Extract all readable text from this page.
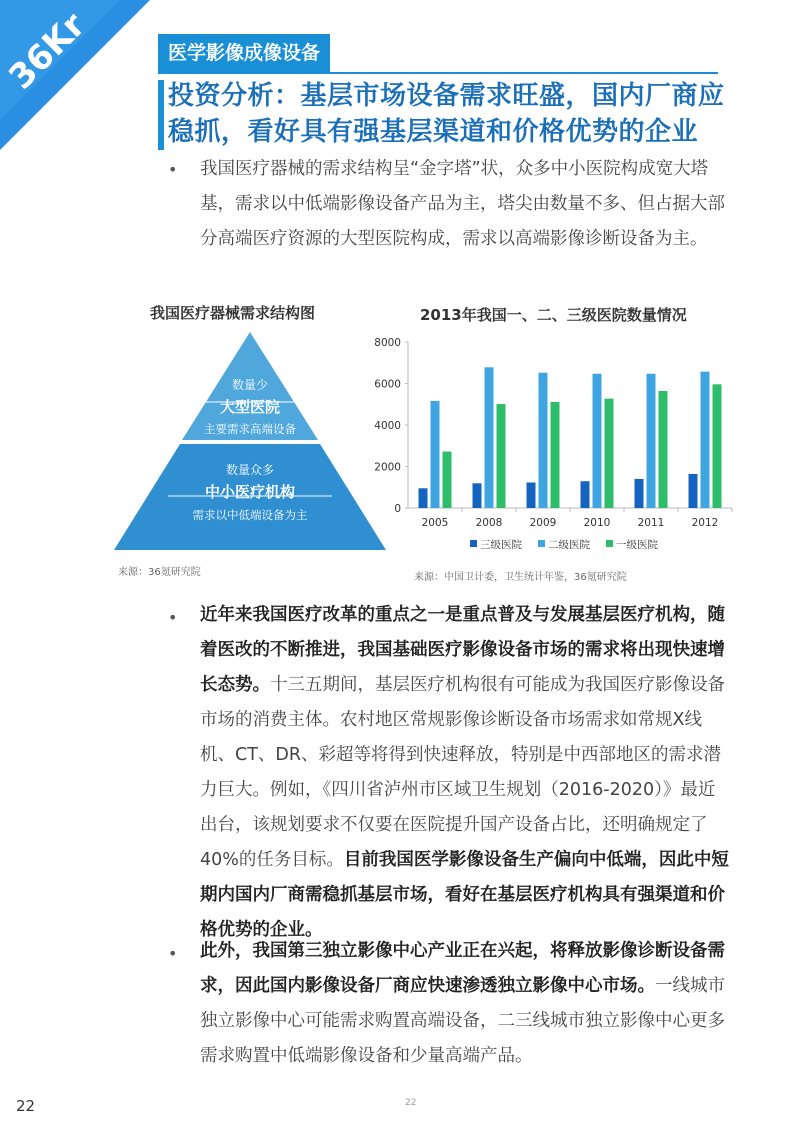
36Kr	医学影像成像设备
投资分析：基层市场设备需求旺盛，国内厂商应
稳抓，看好具有强基层渠道和价格优势的企业
• 我国医疗器械的需求结构呈“金字塔”状，众多中小医院构成宽大塔基，需求以中低端影像设备产品为主，塔尖由数量不多、但占据大部分高端医疗资源的大型医院构成，需求以高端影像诊断设备为主。
我国医疗器械需求结构图
数量少
大型医院
主要需求高端设备
数量众多
中小医疗机构
需求以中低端设备为主
来源：36氪研究院
2013年我国一、二、三级医院数量情况
0
2000
4000
6000
8000
2005	2008	2009	2010	2011	2012
三级医院 二级医院 一级医院
来源：中国卫计委，卫生统计年鉴，36氪研究院
• 近年来我国医疗改革的重点之一是重点普及与发展基层医疗机构，随着医改的不断推进，我国基础医疗影像设备市场的需求将出现快速增长态势。十三五期间，基层医疗机构很有可能成为我国医疗影像设备市场的消费主体。农村地区常规影像诊断设备市场需求如常规X线机、CT、DR、彩超等将得到快速释放，特别是中西部地区的需求潜力巨大。例如，《四川省泸州市区域卫生规划（2016-2020）》最近出台，该规划要求不仅要在医院提升国产设备占比，还明确规定了40%的任务目标。目前我国医学影像设备生产偏向中低端，因此中短期内国内厂商需稳抓基层市场，看好在基层医疗机构具有强渠道和价格优势的企业。
• 此外，我国第三独立影像中心产业正在兴起，将释放影像诊断设备需求，因此国内影像设备厂商应快速渗透独立影像中心市场。一线城市独立影像中心可能需求购置高端设备，二三线城市独立影像中心更多需求购置中低端影像设备和少量高端产品。
22	22
